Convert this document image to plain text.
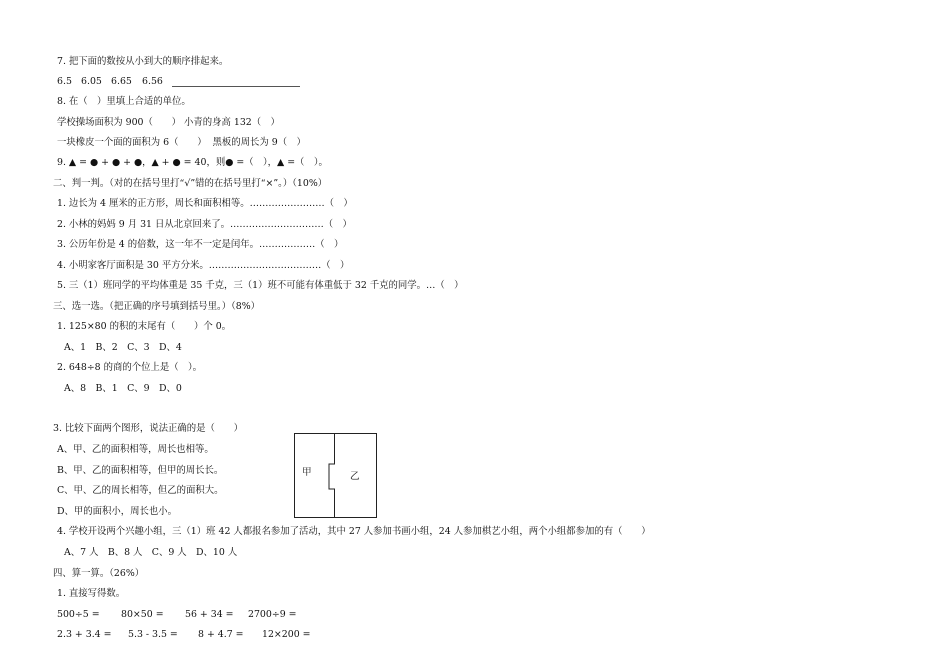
7. 把下面的数按从小到大的顺序排起来。
6.5 6.05 6.65 6.56
8. 在（　）里填上合适的单位。
学校操场面积为 900（　　） 小青的身高 132（　）
一块橡皮一个面的面积为 6（　　）  黑板的周长为 9（　）
9. ▲ = ● + ● + ●，▲ + ● = 40，则● =（　），▲ =（　）。
二、判一判。（对的在括号里打“√”错的在括号里打“×”。）（10%）
1. 边长为 4 厘米的正方形，周长和面积相等。……………………（　）
2. 小林的妈妈 9 月 31 日从北京回来了。…………………………（　）
3. 公历年份是 4 的倍数，这一年不一定是闰年。………………（　）
4. 小明家客厅面积是 30 平方分米。………………………………（　）
5. 三（1）班同学的平均体重是 35 千克，三（1）班不可能有体重低于 32 千克的同学。…（　）
三、选一选。（把正确的序号填到括号里。）（8%）
1. 125×80 的积的末尾有（　　）个 0。
A、1　B、2　C、3　D、4
2. 648÷8 的商的个位上是（　）。
A、8　B、1　C、9　D、0
3. 比较下面两个图形，说法正确的是（　　）
A、甲、乙的面积相等，周长也相等。
B、甲、乙的面积相等，但甲的周长长。
C、甲、乙的周长相等，但乙的面积大。
D、甲的面积小，周长也小。
甲	乙
4. 学校开设两个兴趣小组，三（1）班 42 人都报名参加了活动，其中 27 人参加书画小组，24 人参加棋艺小组，两个小组都参加的有（　　）
A、7 人　B、8 人　C、9 人　D、10 人
四、算一算。（26%）
1. 直接写得数。
500÷5 = 80×50 = 56 + 34 = 2700÷9 =
2.3 + 3.4 = 5.3 - 3.5 = 8 + 4.7 = 12×200 =
